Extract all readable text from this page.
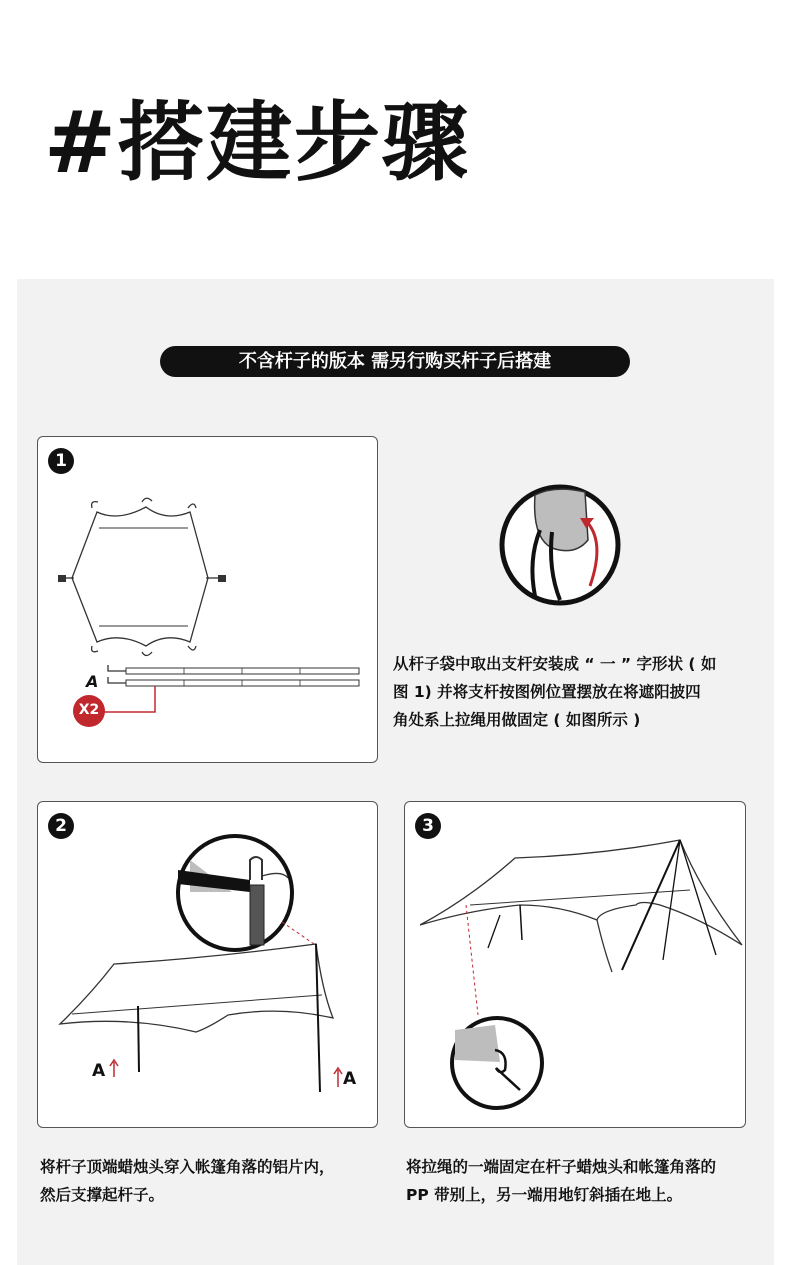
#搭建步骤
不含杆子的版本 需另行购买杆子后搭建
1
A
X2
从杆子袋中取出支杆安装成 “ 一 ” 字形状 ( 如
图 1) 并将支杆按图例位置摆放在将遮阳披四
角处系上拉绳用做固定 ( 如图所示 )
2
A	A
将杆子顶端蜡烛头穿入帐篷角落的铝片内，
然后支撑起杆子。
3
将拉绳的一端固定在杆子蜡烛头和帐篷角落的
PP 带别上，另一端用地钉斜插在地上。
